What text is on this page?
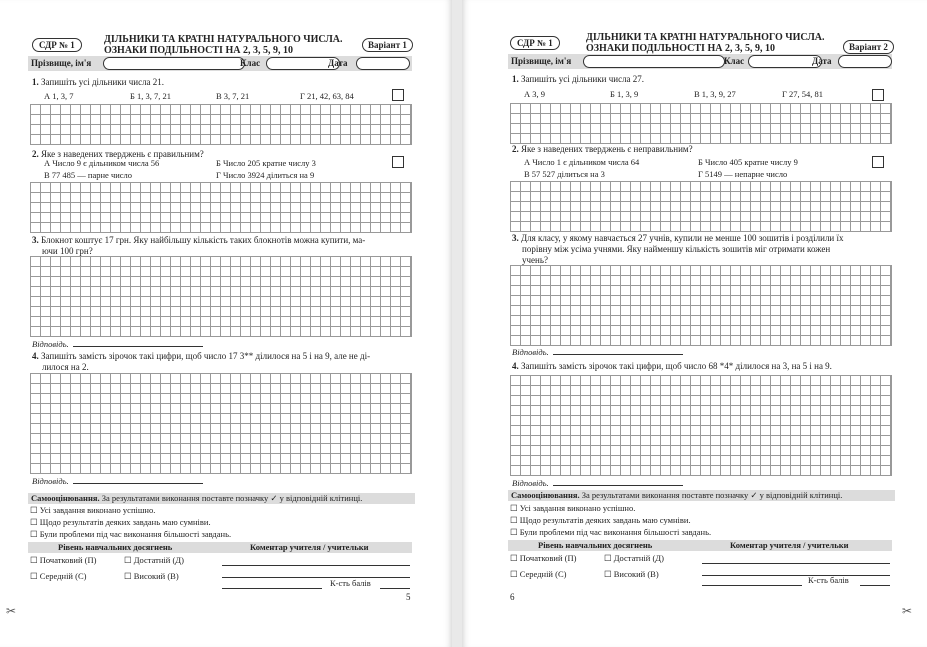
СДР № 1	ДІЛЬНИКИ ТА КРАТНІ НАТУРАЛЬНОГО ЧИСЛА.
ОЗНАКИ ПОДІЛЬНОСТІ НА 2, 3, 5, 9, 10	Варіант 1
Прізвище, ім'я	Клас	Дата
1. Запишіть усі дільники числа 21.
А 1, 3, 7	Б 1, 3, 7, 21	В 3, 7, 21	Г 21, 42, 63, 84
2. Яке з наведених тверджень є правильним?
А Число 9 є дільником числа 56	Б Число 205 кратне числу 3
В 77 485 — парне число	Г Число 3924 ділиться на 9
3. Блокнот коштує 17 грн. Яку найбільшу кількість таких блокнотів можна купити, ма-
ючи 100 грн?
Відповідь.
4. Запишіть замість зірочок такі цифри, щоб число 17 3** ділилося на 5 і на 9, але не ді-
лилося на 2.
Відповідь.
Самооцінювання. За результатами виконання поставте позначку ✓ у відповідній клітинці.
☐ Усі завдання виконано успішно.
☐ Щодо результатів деяких завдань маю сумніви.
☐ Були проблеми під час виконання більшості завдань.
Рівень навчальних досягнень	Коментар учителя / учительки
☐ Початковий (П)	☐ Достатній (Д)
☐ Середній (С)	☐ Високий (В)
К-сть балів
5
✂
СДР № 1	ДІЛЬНИКИ ТА КРАТНІ НАТУРАЛЬНОГО ЧИСЛА.
ОЗНАКИ ПОДІЛЬНОСТІ НА 2, 3, 5, 9, 10	Варіант 2
Прізвище, ім'я	Клас	Дата
1. Запишіть усі дільники числа 27.
А 3, 9	Б 1, 3, 9	В 1, 3, 9, 27	Г 27, 54, 81
2. Яке з наведених тверджень є неправильним?
А Число 1 є дільником числа 64	Б Число 405 кратне числу 9
В 57 527 ділиться на 3	Г 5149 — непарне число
3. Для класу, у якому навчається 27 учнів, купили не менше 100 зошитів і розділили їх
порівну між усіма учнями. Яку найменшу кількість зошитів міг отримати кожен
учень?
Відповідь.
4. Запишіть замість зірочок такі цифри, щоб число 68 *4* ділилося на 3, на 5 і на 9.
Відповідь.
Самооцінювання. За результатами виконання поставте позначку ✓ у відповідній клітинці.
☐ Усі завдання виконано успішно.
☐ Щодо результатів деяких завдань маю сумніви.
☐ Були проблеми під час виконання більшості завдань.
Рівень навчальних досягнень	Коментар учителя / учительки
☐ Початковий (П)	☐ Достатній (Д)
☐ Середній (С)	☐ Високий (В)
К-сть балів
6
✂
